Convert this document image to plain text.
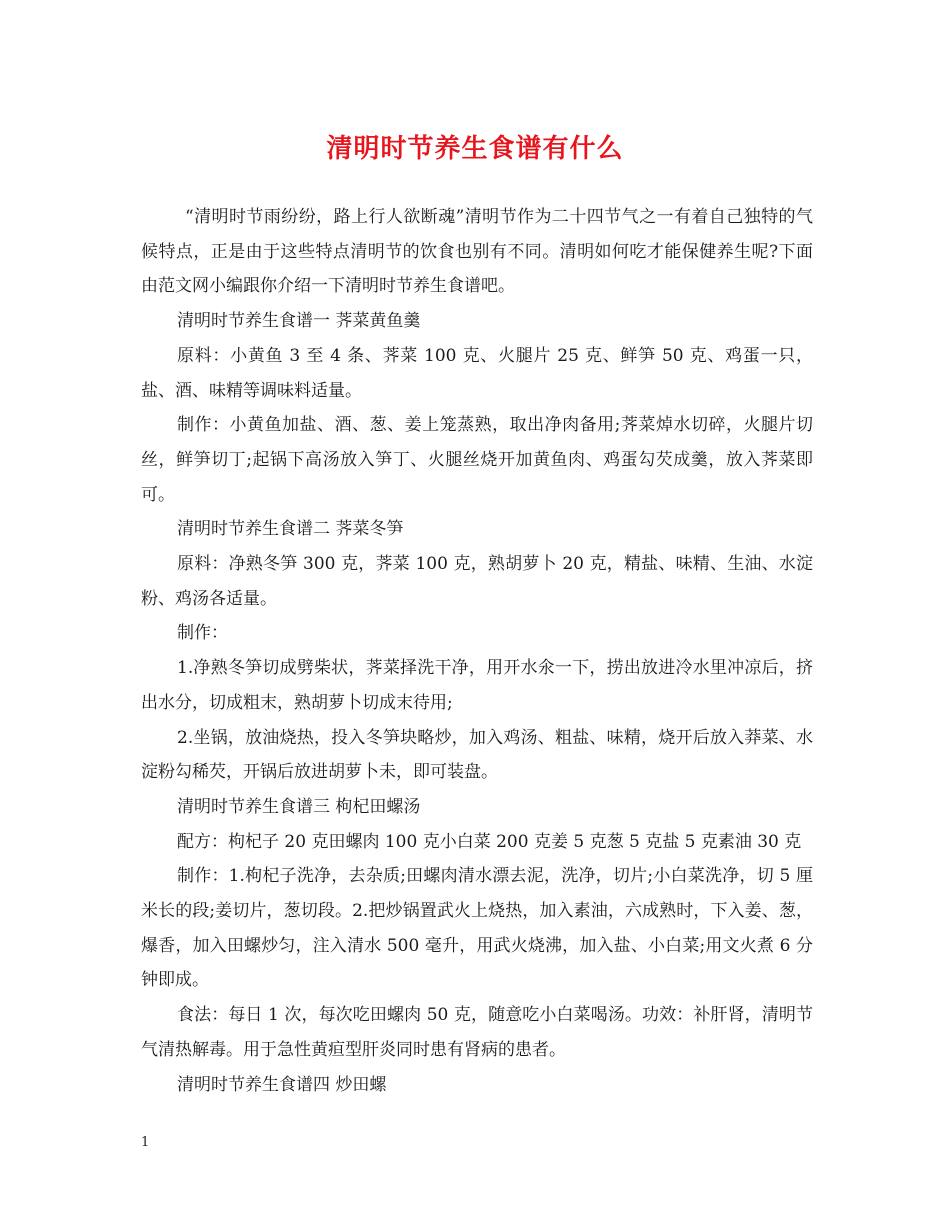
清明时节养生食谱有什么

“清明时节雨纷纷，路上行人欲断魂”清明节作为二十四节气之一有着自己独特的气候特点，正是由于这些特点清明节的饮食也别有不同。清明如何吃才能保健养生呢?下面由范文网小编跟你介绍一下清明时节养生食谱吧。

清明时节养生食谱一 荠菜黄鱼羹

原料：小黄鱼 3 至 4 条、荠菜 100 克、火腿片 25 克、鲜笋 50 克、鸡蛋一只，盐、酒、味精等调味料适量。

制作：小黄鱼加盐、酒、葱、姜上笼蒸熟，取出净肉备用;荠菜焯水切碎，火腿片切丝，鲜笋切丁;起锅下高汤放入笋丁、火腿丝烧开加黄鱼肉、鸡蛋勾芡成羹，放入荠菜即可。

清明时节养生食谱二 荠菜冬笋

原料：净熟冬笋 300 克，荠菜 100 克，熟胡萝卜 20 克，精盐、味精、生油、水淀粉、鸡汤各适量。

制作：

1.净熟冬笋切成劈柴状，荠菜择洗干净，用开水氽一下，捞出放进冷水里冲凉后，挤出水分，切成粗末，熟胡萝卜切成末待用;

2.坐锅，放油烧热，投入冬笋块略炒，加入鸡汤、粗盐、味精，烧开后放入莽菜、水淀粉勾稀芡，开锅后放进胡萝卜未，即可装盘。

清明时节养生食谱三 枸杞田螺汤

配方：枸杞子 20 克田螺肉 100 克小白菜 200 克姜 5 克葱 5 克盐 5 克素油 30 克

制作：1.枸杞子洗净，去杂质;田螺肉清水漂去泥，洗净，切片;小白菜洗净，切 5 厘米长的段;姜切片，葱切段。2.把炒锅置武火上烧热，加入素油，六成熟时，下入姜、葱，爆香，加入田螺炒匀，注入清水 500 毫升，用武火烧沸，加入盐、小白菜;用文火煮 6 分钟即成。

食法：每日 1 次，每次吃田螺肉 50 克，随意吃小白菜喝汤。功效：补肝肾，清明节气清热解毒。用于急性黄疸型肝炎同时患有肾病的患者。

清明时节养生食谱四 炒田螺

1
